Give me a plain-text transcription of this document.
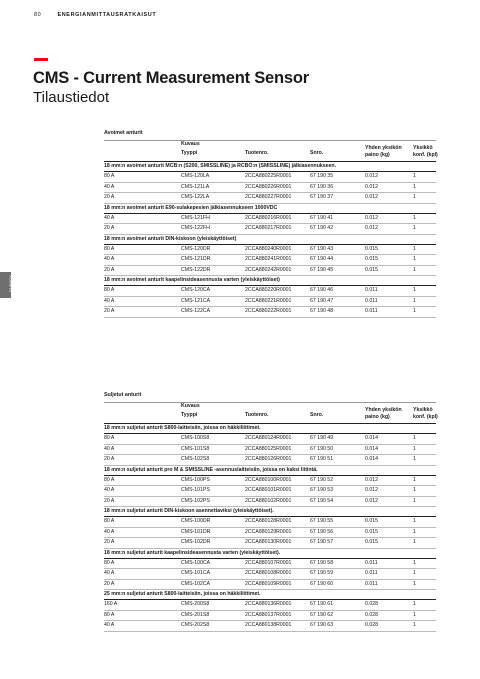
80	ENERGIANMITTAUSRATKAISUT
CMS - Current Measurement Sensor
Tilaustiedot
ENERGY
Avoimet anturit
Kuvaus
Tyyppi	Tuotenro.	Snro.
Yhden yksikön paino (kg)
Yksikkö konf. (kpl)
18 mm:n avoimet anturit MCB:n (S200, SMISSLINE) ja RCBO:n (SMISSLINE) jälkiasennukseen.
80 A	CMS-120LA	2CCA880225R0001	67 190 35	0.012	1
40 A	CMS-121LA	2CCA880226R0001	67 190 36	0.012	1
20 A	CMS-122LA	2CCA880227R0001	67 190 37	0.012	1
18 mm:n avoimet anturit E90-sulakepesien jälkiasennukseen 1000VDC
40 A	CMS-121FH	2CCA880216R0001	67 190 41	0.012	1
20 A	CMS-122FH	2CCA880217R0001	67 190 42	0.012	1
18 mm:n avoimet anturit DIN-kiskoon (yleiskäyttöiset)
80 A	CMS-120DR	2CCA880240R0001	67 190 43	0.015	1
40 A	CMS-121DR	2CCA880241R0001	67 190 44	0.015	1
20 A	CMS-122DR	2CCA880242R0001	67 190 45	0.015	1
18 mm:n avoimet anturit kaapelinsideasennusta varten (yleiskäyttöiset)
80 A	CMS-120CA	2CCA880220R0001	67 190 46	0.011	1
40 A	CMS-121CA	2CCA880221R0001	67 190 47	0.011	1
20 A	CMS-122CA	2CCA880222R0001	67 190 48	0.011	1
Suljetut anturit
Kuvaus
Tyyppi	Tuotenro.	Snro.
Yhden yksikön paino (kg)
Yksikkö konf. (kpl)
18 mm:n suljetut anturit S800-laitteisiin, joissa on häkkiliittimet.
80 A	CMS-100S8	2CCA880124R0001	67 190 49	0.014	1
40 A	CMS-101S8	2CCA880125R0001	67 190 50	0.014	1
20 A	CMS-102S8	2CCA880126R0001	67 190 51	0.014	1
18 mm:n suljetut anturit pro M & SMISSLINE -asennuslaitteisiin, joissa on kaksi liitintä.
80 A	CMS-100PS	2CCA880100R0001	67 190 52	0.012	1
40 A	CMS-101PS	2CCA880101R0001	67 190 53	0.012	1
20 A	CMS-102PS	2CCA880102R0001	67 190 54	0.012	1
18 mm:n suljetut anturit DIN-kiskoon asennettaviksi (yleiskäyttöiset).
80 A	CMS-100DR	2CCA880128R0001	67 190 55	0.015	1
40 A	CMS-101DR	2CCA880129R0001	67 190 56	0.015	1
20 A	CMS-102DR	2CCA880130R0001	67 190 57	0.015	1
18 mm:n suljetut anturit kaapelinsideasennusta varten (yleiskäyttöiset).
80 A	CMS-100CA	2CCA880107R0001	67 190 58	0.011	1
40 A	CMS-101CA	2CCA880108R0001	67 190 59	0.011	1
20 A	CMS-102CA	2CCA880109R0001	67 190 60	0.011	1
25 mm:n suljetut anturit S800-laitteisiin, joissa on häkkiliittimet.
160 A	CMS-200S8	2CCA880136R0001	67 190 61	0.028	1
80 A	CMS-201S8	2CCA880137R0001	67 190 62	0.028	1
40 A	CMS-202S8	2CCA880138R0001	67 190 63	0.028	1
